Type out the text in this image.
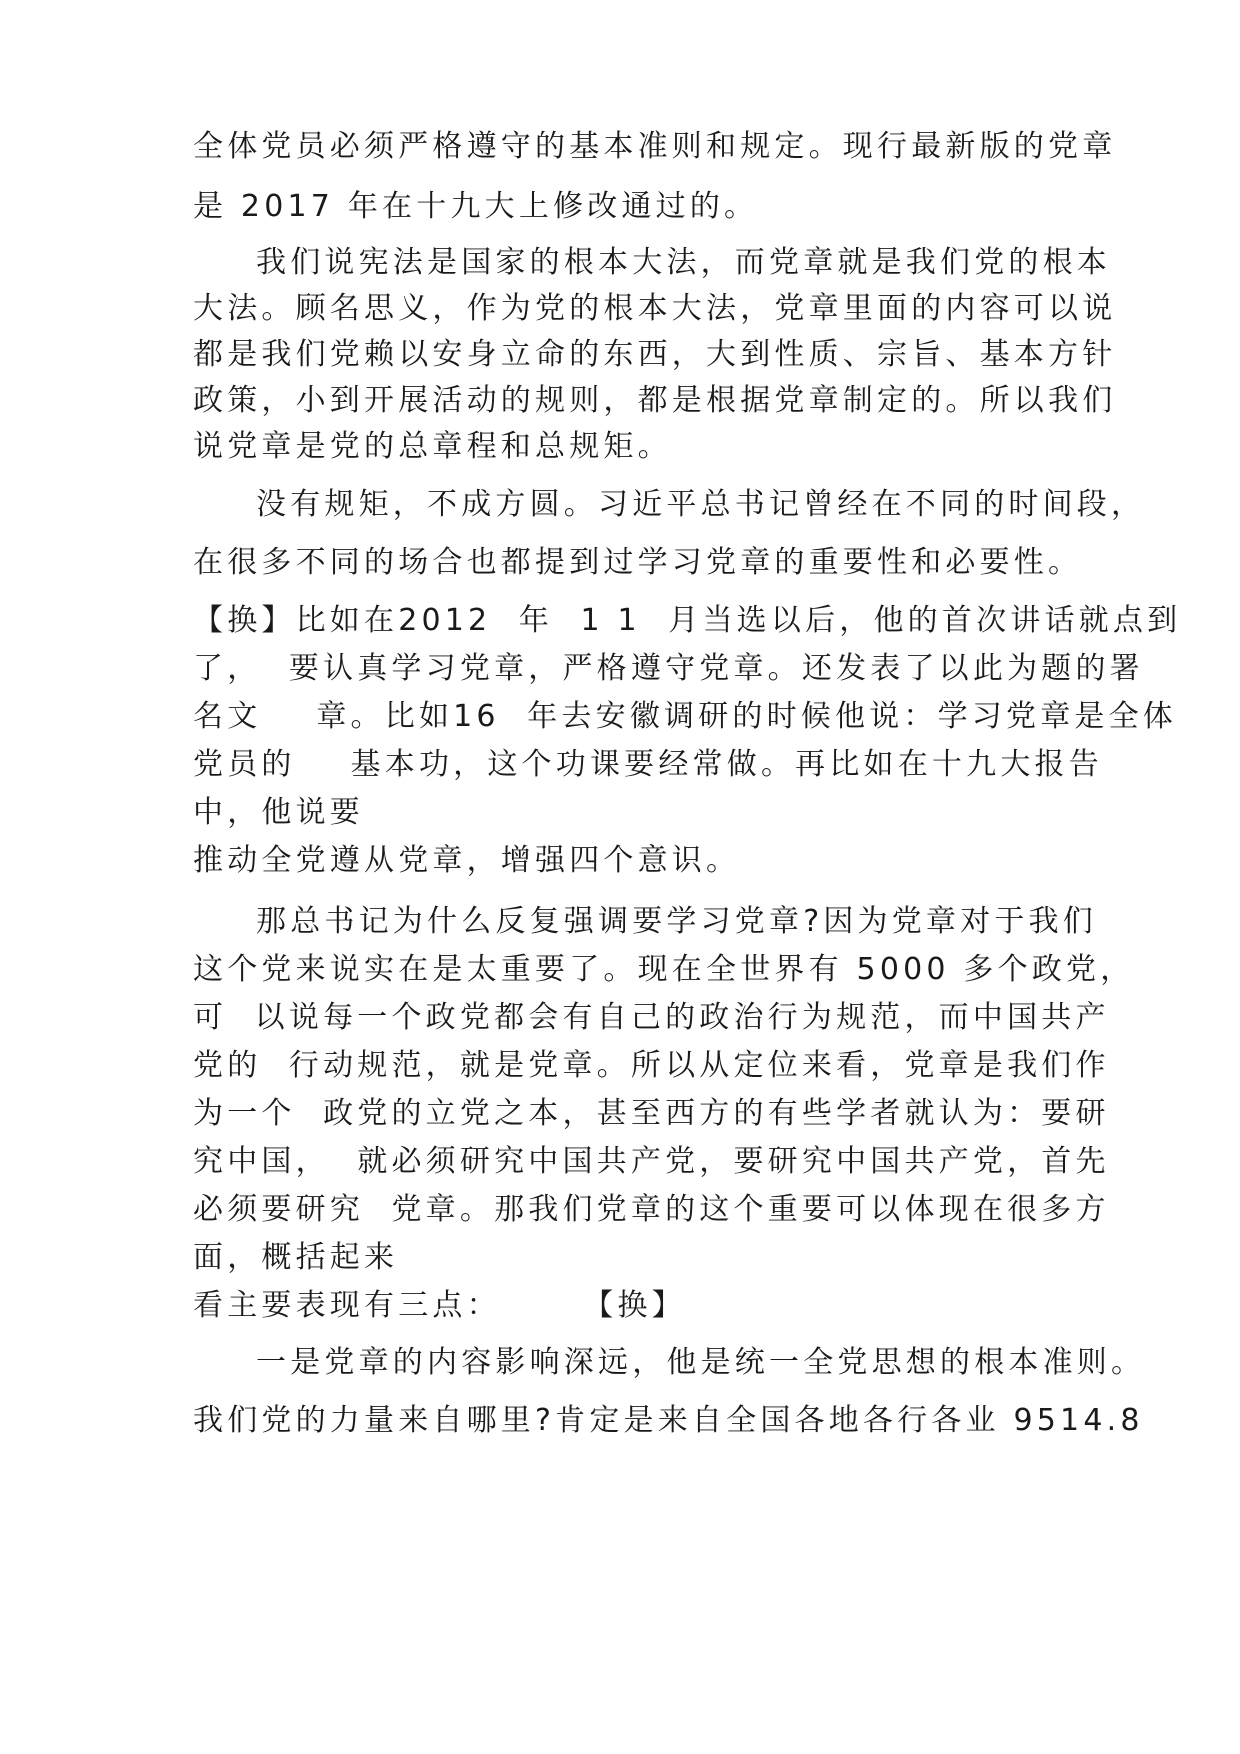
全体党员必须严格遵守的基本准则和规定。现行最新版的党章
是 2017 年在十九大上修改通过的。
我们说宪法是国家的根本大法，而党章就是我们党的根本
大法。顾名思义，作为党的根本大法，党章里面的内容可以说
都是我们党赖以安身立命的东西，大到性质、宗旨、基本方针
政策，小到开展活动的规则，都是根据党章制定的。所以我们
说党章是党的总章程和总规矩。
没有规矩，不成方圆。习近平总书记曾经在不同的时间段，
在很多不同的场合也都提到过学习党章的重要性和必要性。
【换】比如在2012  年  1 1  月当选以后，他的首次讲话就点到
了，  要认真学习党章，严格遵守党章。还发表了以此为题的署
名文    章。比如16  年去安徽调研的时候他说：学习党章是全体
党员的    基本功，这个功课要经常做。再比如在十九大报告
中，他说要
推动全党遵从党章，增强四个意识。
那总书记为什么反复强调要学习党章?因为党章对于我们
这个党来说实在是太重要了。现在全世界有 5000 多个政党，
可  以说每一个政党都会有自己的政治行为规范，而中国共产
党的  行动规范，就是党章。所以从定位来看，党章是我们作
为一个  政党的立党之本，甚至西方的有些学者就认为：要研
究中国，  就必须研究中国共产党，要研究中国共产党，首先
必须要研究  党章。那我们党章的这个重要可以体现在很多方
面，概括起来
看主要表现有三点：      【换】
一是党章的内容影响深远，他是统一全党思想的根本准则。
我们党的力量来自哪里?肯定是来自全国各地各行各业 9514.8
